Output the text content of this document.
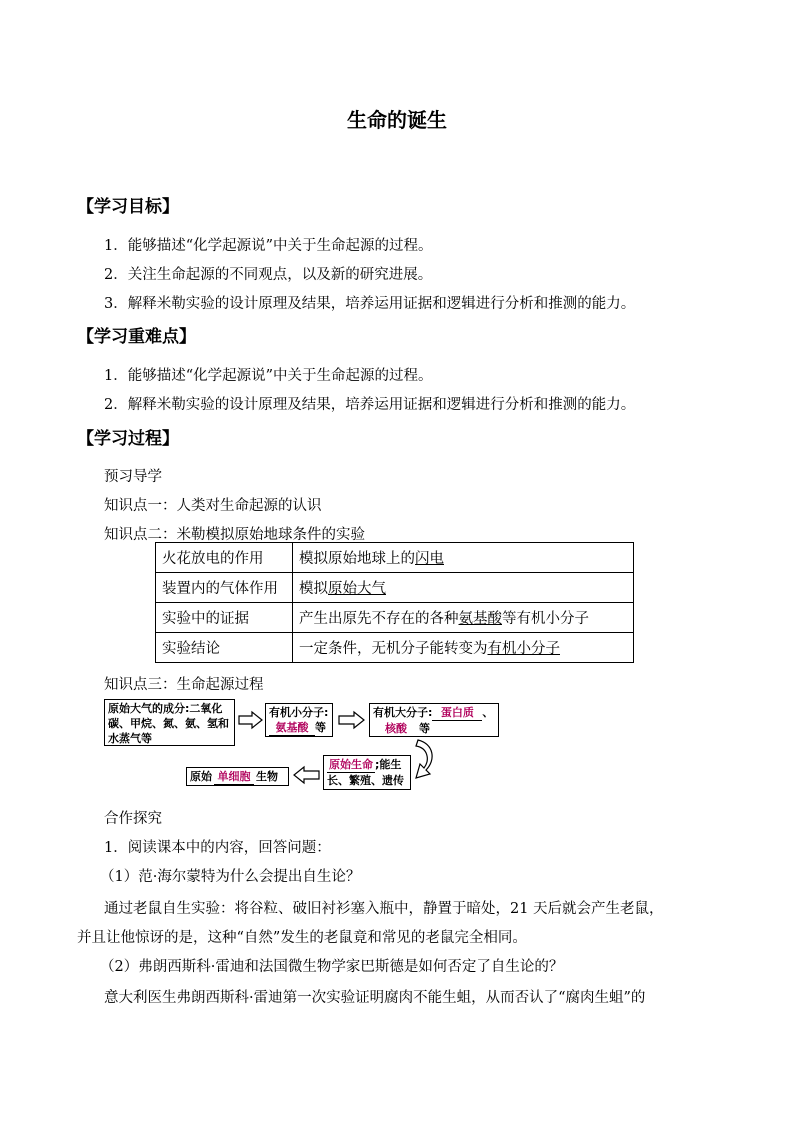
生命的诞生
【学习目标】
1．能够描述“化学起源说”中关于生命起源的过程。
2．关注生命起源的不同观点，以及新的研究进展。
3．解释米勒实验的设计原理及结果，培养运用证据和逻辑进行分析和推测的能力。
【学习重难点】
1．能够描述“化学起源说”中关于生命起源的过程。
2．解释米勒实验的设计原理及结果，培养运用证据和逻辑进行分析和推测的能力。
【学习过程】
预习导学
知识点一：人类对生命起源的认识
知识点二：米勒模拟原始地球条件的实验
火花放电的作用	模拟原始地球上的闪电
装置内的气体作用	模拟原始大气
实验中的证据	产生出原先不存在的各种氨基酸等有机小分子
实验结论	一定条件，无机分子能转变为有机小分子
知识点三：生命起源过程
原始大气的成分:二氧化碳、甲烷、氮、氨、氢和水蒸气等
有机小分子:
氨基酸 等
有机大分子: 蛋白质 、
核酸 等
原始生命 ;能生长、繁殖、遗传
原始 单细胞 生物
合作探究
1．阅读课本中的内容，回答问题：
（1）范·海尔蒙特为什么会提出自生论？
通过老鼠自生实验：将谷粒、破旧衬衫塞入瓶中，静置于暗处，21 天后就会产生老鼠，
并且让他惊讶的是，这种“自然”发生的老鼠竟和常见的老鼠完全相同。
（2）弗朗西斯科·雷迪和法国微生物学家巴斯德是如何否定了自生论的？
意大利医生弗朗西斯科·雷迪第一次实验证明腐肉不能生蛆，从而否认了“腐肉生蛆”的
